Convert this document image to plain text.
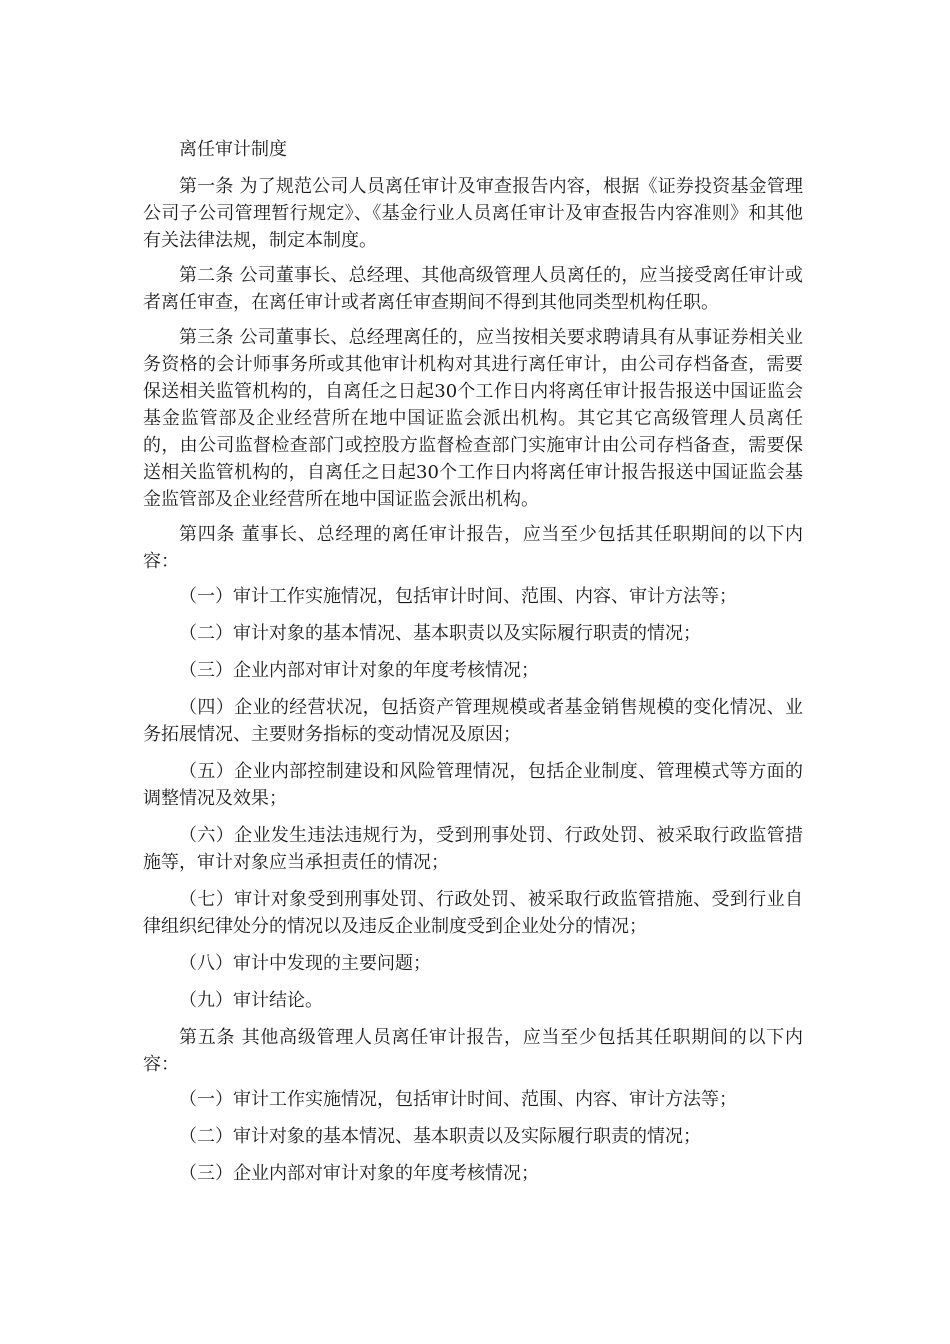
离任审计制度

第一条 为了规范公司人员离任审计及审查报告内容，根据《证券投资基金管理公司子公司管理暂行规定》、《基金行业人员离任审计及审查报告内容准则》和其他有关法律法规，制定本制度。

第二条 公司董事长、总经理、其他高级管理人员离任的，应当接受离任审计或者离任审查，在离任审计或者离任审查期间不得到其他同类型机构任职。

第三条 公司董事长、总经理离任的，应当按相关要求聘请具有从事证券相关业务资格的会计师事务所或其他审计机构对其进行离任审计，由公司存档备查，需要保送相关监管机构的，自离任之日起30个工作日内将离任审计报告报送中国证监会基金监管部及企业经营所在地中国证监会派出机构。其它其它高级管理人员离任的，由公司监督检查部门或控股方监督检查部门实施审计由公司存档备查，需要保送相关监管机构的，自离任之日起30个工作日内将离任审计报告报送中国证监会基金监管部及企业经营所在地中国证监会派出机构。

第四条 董事长、总经理的离任审计报告，应当至少包括其任职期间的以下内容：

（一）审计工作实施情况，包括审计时间、范围、内容、审计方法等；

（二）审计对象的基本情况、基本职责以及实际履行职责的情况；

（三）企业内部对审计对象的年度考核情况；

（四）企业的经营状况，包括资产管理规模或者基金销售规模的变化情况、业务拓展情况、主要财务指标的变动情况及原因；

（五）企业内部控制建设和风险管理情况，包括企业制度、管理模式等方面的调整情况及效果；

（六）企业发生违法违规行为，受到刑事处罚、行政处罚、被采取行政监管措施等，审计对象应当承担责任的情况；

（七）审计对象受到刑事处罚、行政处罚、被采取行政监管措施、受到行业自律组织纪律处分的情况以及违反企业制度受到企业处分的情况；

（八）审计中发现的主要问题；

（九）审计结论。

第五条 其他高级管理人员离任审计报告，应当至少包括其任职期间的以下内容：

（一）审计工作实施情况，包括审计时间、范围、内容、审计方法等；

（二）审计对象的基本情况、基本职责以及实际履行职责的情况；

（三）企业内部对审计对象的年度考核情况；
